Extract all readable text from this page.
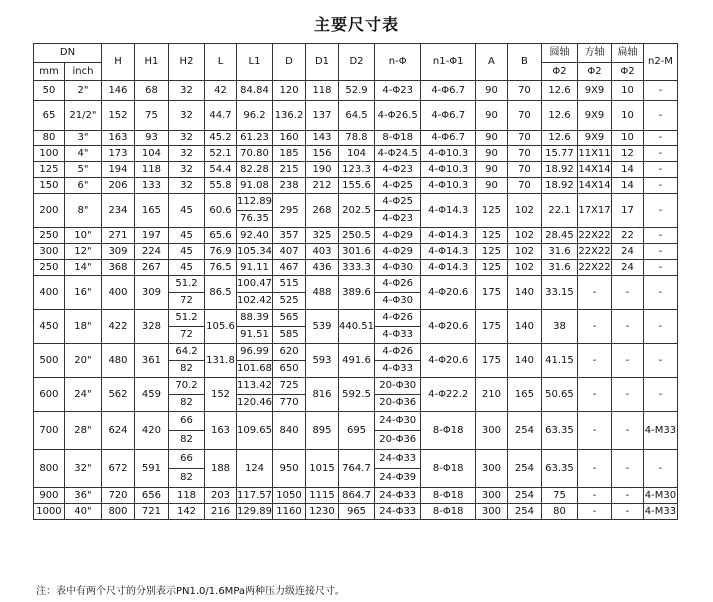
主要尺寸表
DN		H	H1	H2	L	L1	D	D1	D2	n-Φ	n1-Φ1	A	B	圆轴	方轴	扁轴	n2-M
mm	inch													Φ2	Φ2	Φ2	
50	2"	146	68	32	42	84.84	120	118	52.9	4-Φ23	4-Φ6.7	90	70	12.6	9X9	10	-
65	21/2"	152	75	32	44.7	96.2	136.2	137	64.5	4-Φ26.5	4-Φ6.7	90	70	12.6	9X9	10	-
80	3"	163	93	32	45.2	61.23	160	143	78.8	8-Φ18	4-Φ6.7	90	70	12.6	9X9	10	-
100	4"	173	104	32	52.1	70.80	185	156	104	4-Φ24.5	4-Φ10.3	90	70	15.77	11X11	12	-
125	5"	194	118	32	54.4	82.28	215	190	123.3	4-Φ23	4-Φ10.3	90	70	18.92	14X14	14	-
150	6"	206	133	32	55.8	91.08	238	212	155.6	4-Φ25	4-Φ10.3	90	70	18.92	14X14	14	-
200	8"	234	165	45	60.6	112.89	295	268	202.5	4-Φ25	4-Φ14.3	125	102	22.1	17X17	17	-
						76.35				4-Φ23							
250	10"	271	197	45	65.6	92.40	357	325	250.5	4-Φ29	4-Φ14.3	125	102	28.45	22X22	22	-
300	12"	309	224	45	76.9	105.34	407	403	301.6	4-Φ29	4-Φ14.3	125	102	31.6	22X22	24	-
250	14"	368	267	45	76.5	91.11	467	436	333.3	4-Φ30	4-Φ14.3	125	102	31.6	22X22	24	-
400	16"	400	309	51.2	86.5	100.47	515	488	389.6	4-Φ26	4-Φ20.6	175	140	33.15	-	-	-
				72		102.42	525			4-Φ30							
450	18"	422	328	51.2	105.6	88.39	565	539	440.51	4-Φ26	4-Φ20.6	175	140	38	-	-	-
				72		91.51	585			4-Φ33							
500	20"	480	361	64.2	131.8	96.99	620	593	491.6	4-Φ26	4-Φ20.6	175	140	41.15	-	-	-
				82		101.68	650			4-Φ33							
600	24"	562	459	70.2	152	113.42	725	816	592.5	20-Φ30	4-Φ22.2	210	165	50.65	-	-	-
				82		120.46	770			20-Φ36							
700	28"	624	420	66	163	109.65	840	895	695	24-Φ30	8-Φ18	300	254	63.35	-	-	4-M33
				82						20-Φ36							
800	32"	672	591	66	188	124	950	1015	764.7	24-Φ33	8-Φ18	300	254	63.35	-	-	-
				82						24-Φ39							
900	36"	720	656	118	203	117.57	1050	1115	864.7	24-Φ33	8-Φ18	300	254	75	-	-	4-M30
1000	40"	800	721	142	216	129.89	1160	1230	965	24-Φ33	8-Φ18	300	254	80	-	-	4-M33
注：表中有两个尺寸的分别表示PN1.0/1.6MPa两种压力级连接尺寸。
